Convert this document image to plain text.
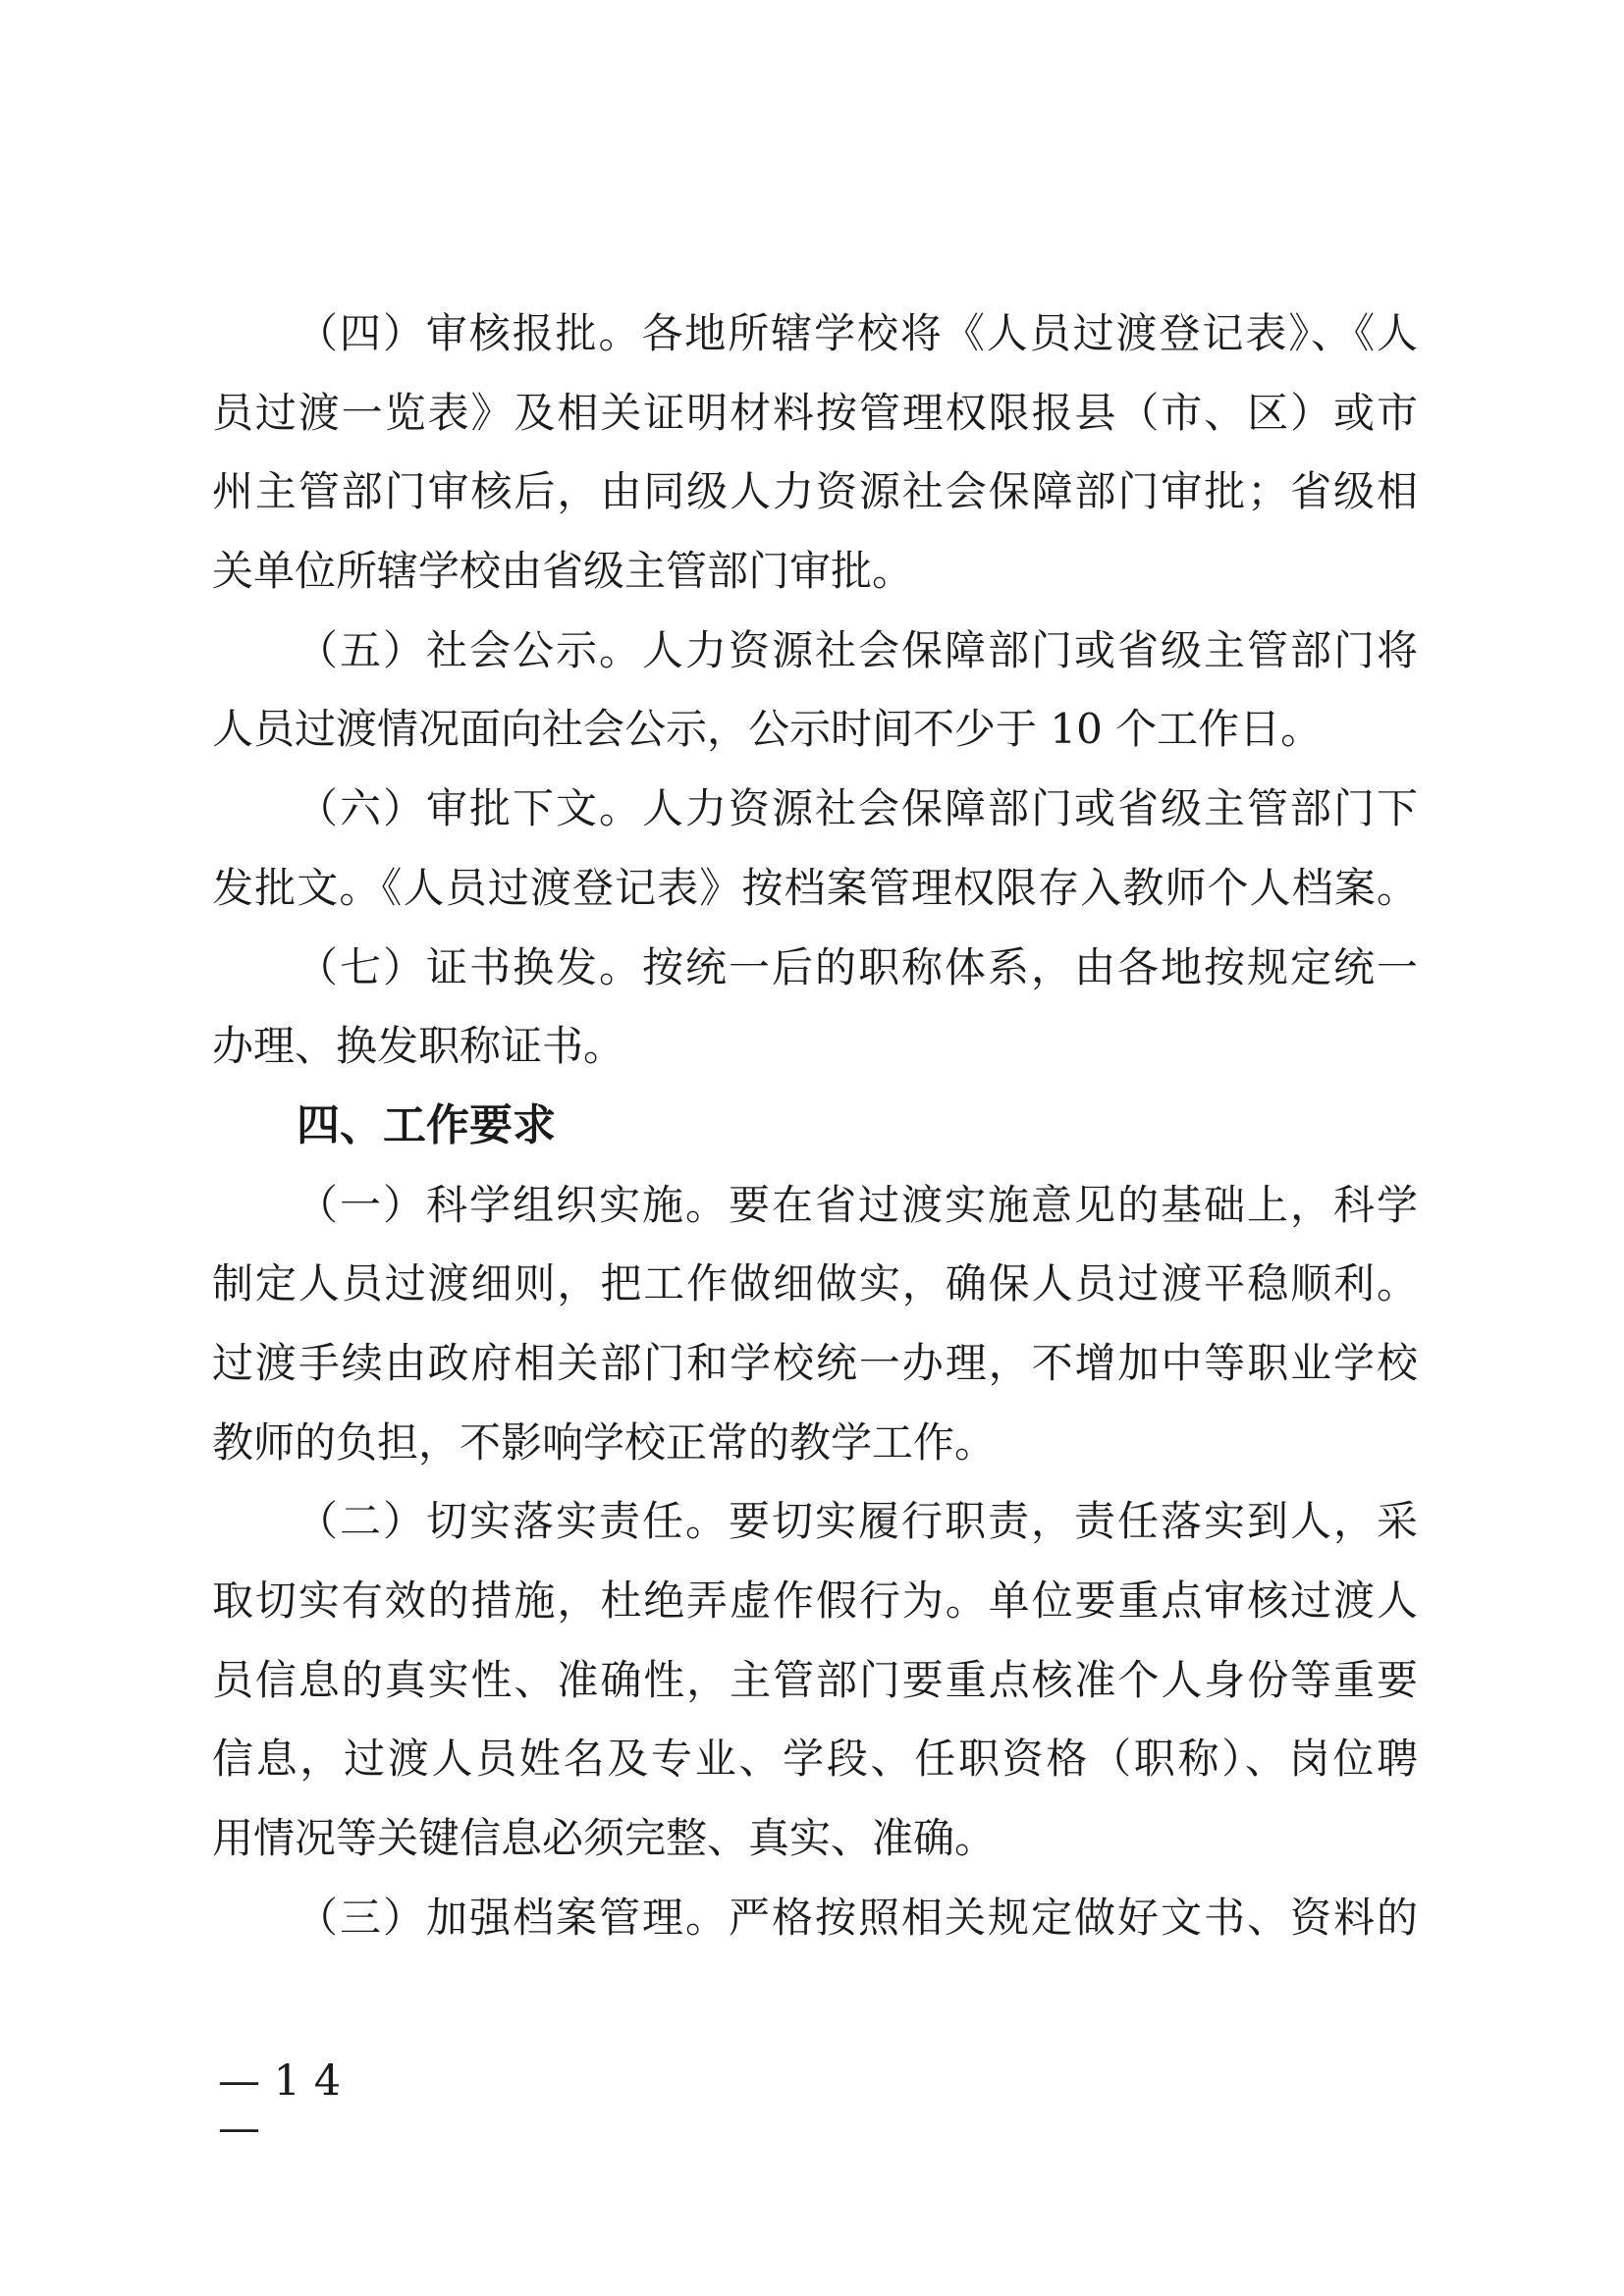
（四）审核报批。各地所辖学校将《人员过渡登记表》、《人
员过渡一览表》及相关证明材料按管理权限报县（市、区）或市
州主管部门审核后，由同级人力资源社会保障部门审批；省级相
关单位所辖学校由省级主管部门审批。
（五）社会公示。人力资源社会保障部门或省级主管部门将
人员过渡情况面向社会公示，公示时间不少于 10 个工作日。
（六）审批下文。人力资源社会保障部门或省级主管部门下
发批文。《人员过渡登记表》按档案管理权限存入教师个人档案。
（七）证书换发。按统一后的职称体系，由各地按规定统一
办理、换发职称证书。
四、工作要求
（一）科学组织实施。要在省过渡实施意见的基础上，科学
制定人员过渡细则，把工作做细做实，确保人员过渡平稳顺利。
过渡手续由政府相关部门和学校统一办理，不增加中等职业学校
教师的负担，不影响学校正常的教学工作。
（二）切实落实责任。要切实履行职责，责任落实到人，采
取切实有效的措施，杜绝弄虚作假行为。单位要重点审核过渡人
员信息的真实性、准确性，主管部门要重点核准个人身份等重要
信息，过渡人员姓名及专业、学段、任职资格（职称）、岗位聘
用情况等关键信息必须完整、真实、准确。
（三）加强档案管理。严格按照相关规定做好文书、资料的
— 1 4
—
